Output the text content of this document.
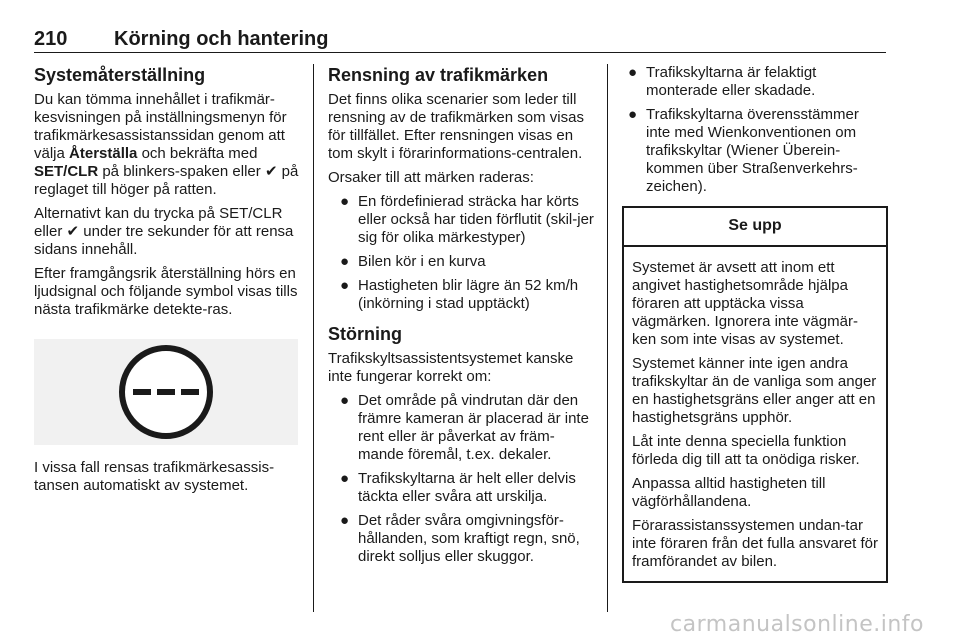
210 Körning och hantering
Systemåterställning

Du kan tömma innehållet i trafikmär-kesvisningen på inställningsmenyn för trafikmärkesassistanssidan genom att välja Återställa och bekräfta med SET/CLR på blinkers-spaken eller ✔ på reglaget till höger på ratten.

Alternativt kan du trycka på SET/CLR eller ✔ under tre sekunder för att rensa sidans innehåll.

Efter framgångsrik återställning hörs en ljudsignal och följande symbol visas tills nästa trafikmärke detekte-ras.

I vissa fall rensas trafikmärkesassis-tansen automatiskt av systemet.

Rensning av trafikmärken

Det finns olika scenarier som leder till rensning av de trafikmärken som visas för tillfället. Efter rensningen visas en tom skylt i förarinformations-centralen.

Orsaker till att märken raderas:

● En fördefinierad sträcka har körts eller också har tiden förflutit (skil-jer sig för olika märkestyper)
● Bilen kör i en kurva
● Hastigheten blir lägre än 52 km/h (inkörning i stad upptäckt)
Störning

Trafikskyltsassistentsystemet kanske inte fungerar korrekt om:

● Det område på vindrutan där den främre kameran är placerad är inte rent eller är påverkat av främ-mande föremål, t.ex. dekaler.
● Trafikskyltarna är helt eller delvis täckta eller svåra att urskilja.
● Det råder svåra omgivningsför-hållanden, som kraftigt regn, snö, direkt solljus eller skuggor.
● Trafikskyltarna är felaktigt monterade eller skadade.
● Trafikskyltarna överensstämmer inte med Wienkonventionen om trafikskyltar (Wiener Überein-kommen über Straßenverkehrs-zeichen).
Se upp

Systemet är avsett att inom ett angivet hastighetsområde hjälpa föraren att upptäcka vissa vägmärken. Ignorera inte vägmär-ken som inte visas av systemet.

Systemet känner inte igen andra trafikskyltar än de vanliga som anger en hastighetsgräns eller anger att en hastighetsgräns upphör.

Låt inte denna speciella funktion förleda dig till att ta onödiga risker.

Anpassa alltid hastigheten till vägförhållandena.

Förarassistanssystemen undan-tar inte föraren från det fulla ansvaret för framförandet av bilen.

carmanualsonline.info
